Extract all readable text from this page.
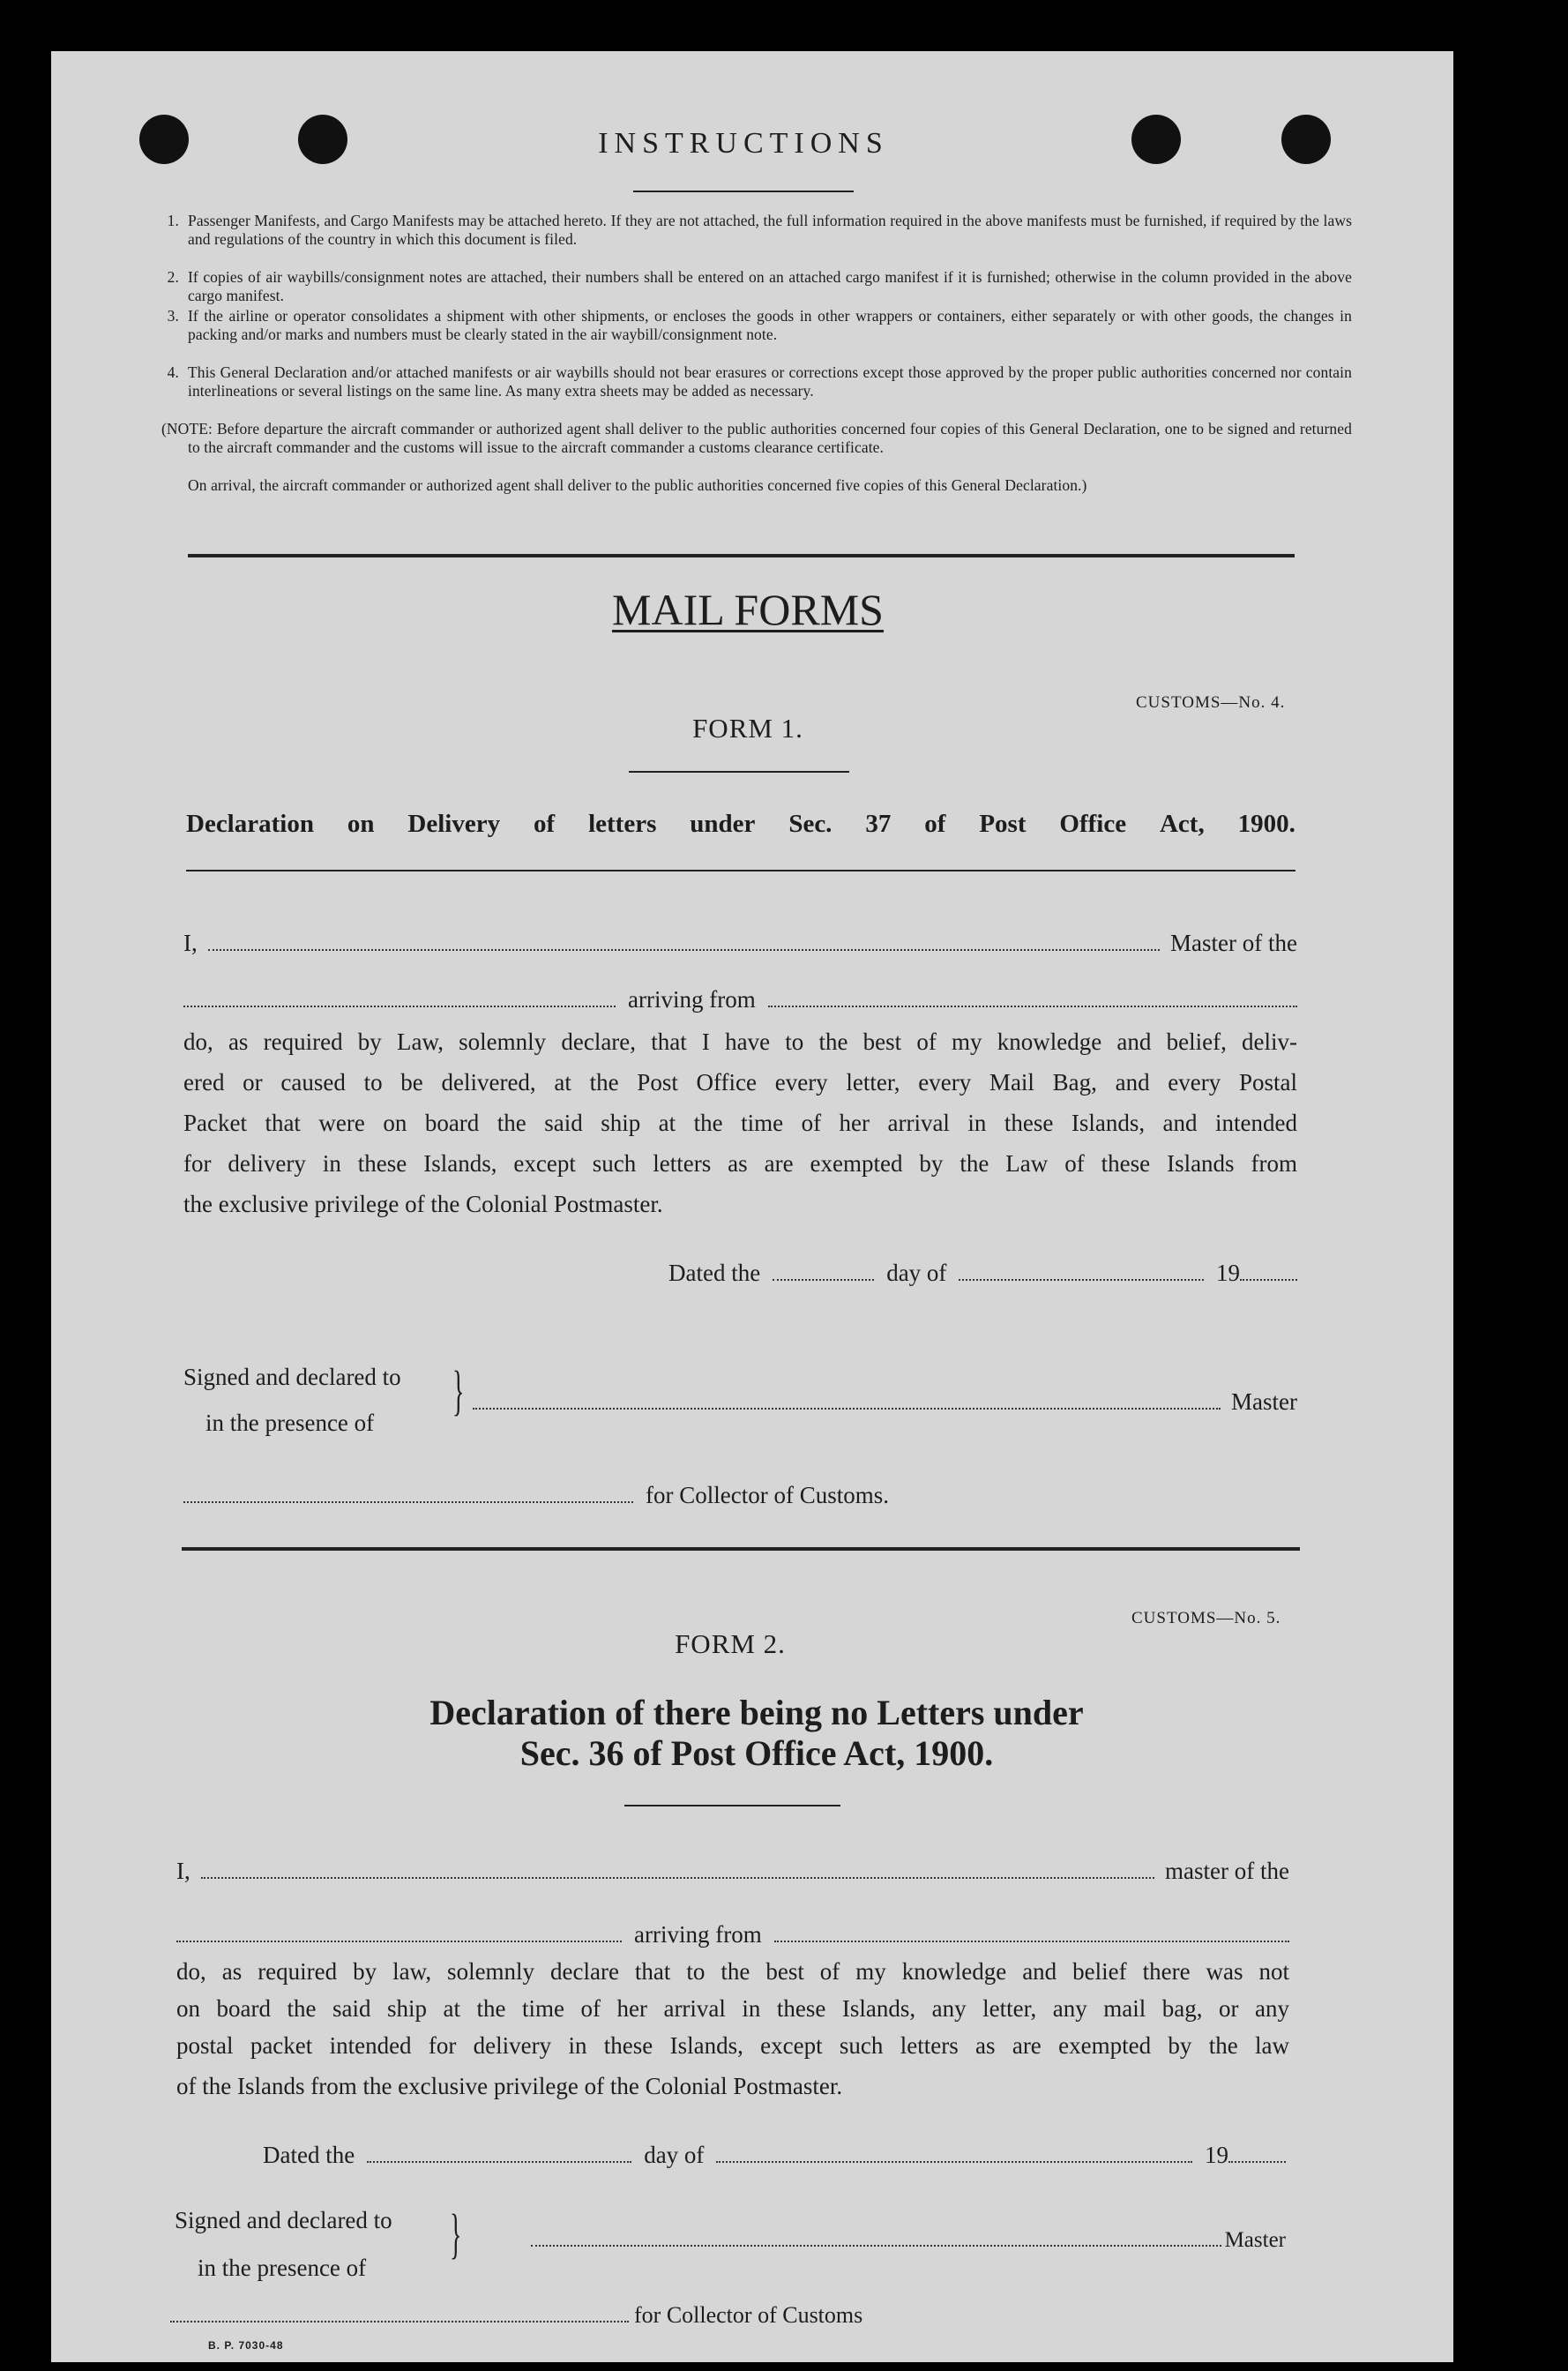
INSTRUCTIONS
1. Passenger Manifests, and Cargo Manifests may be attached hereto. If they are not attached, the full information required in the above manifests must be furnished, if required by the laws and regulations of the country in which this document is filed.
2. If copies of air waybills/consignment notes are attached, their numbers shall be entered on an attached cargo manifest if it is furnished; otherwise in the column provided in the above cargo manifest.
3. If the airline or operator consolidates a shipment with other shipments, or encloses the goods in other wrappers or containers, either separately or with other goods, the changes in packing and/or marks and numbers must be clearly stated in the air waybill/consignment note.
4. This General Declaration and/or attached manifests or air waybills should not bear erasures or corrections except those approved by the proper public authorities concerned nor contain interlineations or several listings on the same line. As many extra sheets may be added as necessary.
(NOTE: Before departure the aircraft commander or authorized agent shall deliver to the public authorities concerned four copies of this General Declaration, one to be signed and returned to the aircraft commander and the customs will issue to the aircraft commander a customs clearance certificate.
On arrival, the aircraft commander or authorized agent shall deliver to the public authorities concerned five copies of this General Declaration.)
MAIL FORMS
CUSTOMS—No. 4.
FORM 1.
Declaration on Delivery of letters under Sec. 37 of Post Office Act, 1900.
I,	Master of the
arriving from
do, as required by Law, solemnly declare, that I have to the best of my knowledge and belief, deliv-
ered or caused to be delivered, at the Post Office every letter, every Mail Bag, and every Postal
Packet that were on board the said ship at the time of her arrival in these Islands, and intended
for delivery in these Islands, except such letters as are exempted by the Law of these Islands from
the exclusive privilege of the Colonial Postmaster.
Dated the	day of	19
Signed and declared to
in the presence of
}	Master
for Collector of Customs.
CUSTOMS—No. 5.
FORM 2.
Declaration of there being no Letters under
Sec. 36 of Post Office Act, 1900.
I,	master of the
arriving from
do, as required by law, solemnly declare that to the best of my knowledge and belief there was not
on board the said ship at the time of her arrival in these Islands, any letter, any mail bag, or any
postal packet intended for delivery in these Islands, except such letters as are exempted by the law
of the Islands from the exclusive privilege of the Colonial Postmaster.
Dated the	day of	19
Signed and declared to
in the presence of
}	Master
for Collector of Customs
B. P. 7030-48
